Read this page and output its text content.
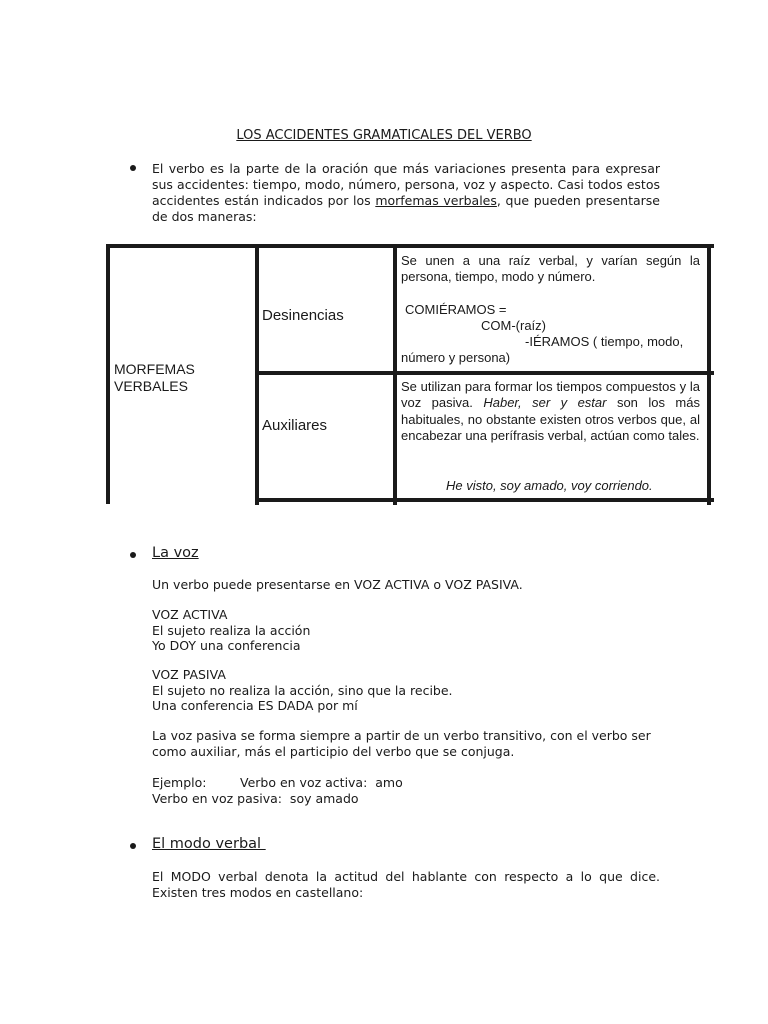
LOS ACCIDENTES GRAMATICALES DEL VERBO
El verbo es la parte de la oración que más variaciones presenta para expresar sus accidentes: tiempo, modo, número, persona, voz y aspecto. Casi todos estos accidentes están indicados por los morfemas verbales, que pueden presentarse de dos maneras:
MORFEMAS
VERBALES
Desinencias
Se unen a una raíz verbal, y varían según la persona, tiempo, modo y número.
COMIÉRAMOS =
COM-(raíz)
-IÉRAMOS ( tiempo, modo,
número y persona)
Auxiliares
Se utilizan para formar los tiempos compuestos y la voz pasiva. Haber, ser y estar son los más habituales, no obstante existen otros verbos que, al encabezar una perífrasis verbal, actúan como tales.
He visto, soy amado, voy corriendo.
La voz
Un verbo puede presentarse en VOZ ACTIVA o VOZ PASIVA.
VOZ ACTIVA
El sujeto realiza la acción
Yo DOY una conferencia
VOZ PASIVA
El sujeto no realiza la acción, sino que la recibe.
Una conferencia ES DADA por mí
La voz pasiva se forma siempre a partir de un verbo transitivo, con el verbo ser como auxiliar, más el participio del verbo que se conjuga.
Ejemplo:	Verbo en voz activa:  amo
Verbo en voz pasiva:  soy amado
El modo verbal
El MODO verbal denota la actitud del hablante con respecto a lo que dice. Existen tres modos en castellano:
